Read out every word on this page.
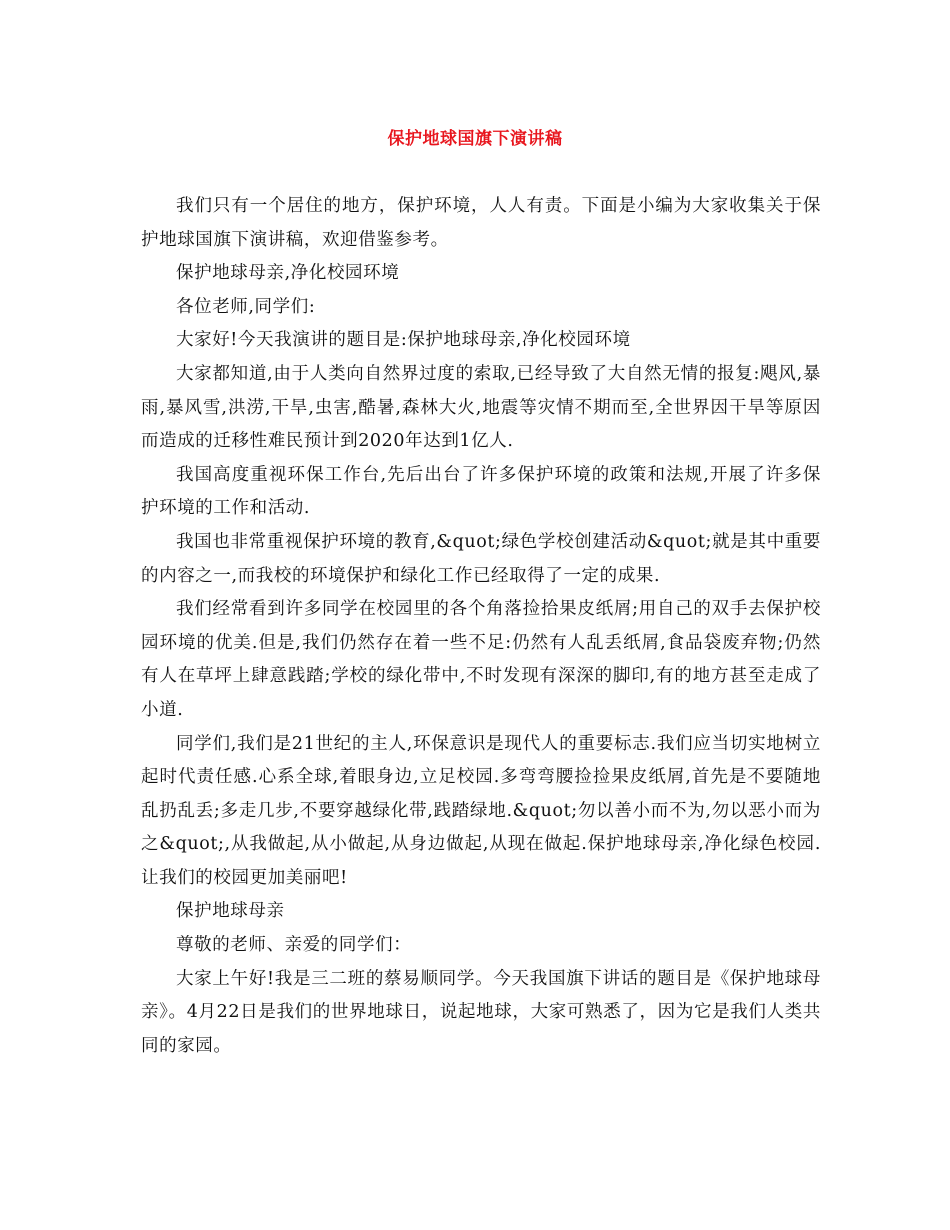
保护地球国旗下演讲稿

我们只有一个居住的地方，保护环境，人人有责。下面是小编为大家收集关于保护地球国旗下演讲稿，欢迎借鉴参考。

保护地球母亲,净化校园环境

各位老师,同学们:

大家好!今天我演讲的题目是:保护地球母亲,净化校园环境

大家都知道,由于人类向自然界过度的索取,已经导致了大自然无情的报复:飓风,暴雨,暴风雪,洪涝,干旱,虫害,酷暑,森林大火,地震等灾情不期而至,全世界因干旱等原因而造成的迁移性难民预计到2020年达到1亿人.

我国高度重视环保工作台,先后出台了许多保护环境的政策和法规,开展了许多保护环境的工作和活动.

我国也非常重视保护环境的教育,&quot;绿色学校创建活动&quot;就是其中重要的内容之一,而我校的环境保护和绿化工作已经取得了一定的成果.

我们经常看到许多同学在校园里的各个角落捡拾果皮纸屑;用自己的双手去保护校园环境的优美.但是,我们仍然存在着一些不足:仍然有人乱丢纸屑,食品袋废弃物;仍然有人在草坪上肆意践踏;学校的绿化带中,不时发现有深深的脚印,有的地方甚至走成了小道.

同学们,我们是21世纪的主人,环保意识是现代人的重要标志.我们应当切实地树立起时代责任感.心系全球,着眼身边,立足校园.多弯弯腰捡捡果皮纸屑,首先是不要随地乱扔乱丢;多走几步,不要穿越绿化带,践踏绿地.&quot;勿以善小而不为,勿以恶小而为之&quot;,从我做起,从小做起,从身边做起,从现在做起.保护地球母亲,净化绿色校园. 让我们的校园更加美丽吧!

保护地球母亲

尊敬的老师、亲爱的同学们：

大家上午好!我是三二班的蔡易顺同学。今天我国旗下讲话的题目是《保护地球母亲》。4月22日是我们的世界地球日，说起地球，大家可熟悉了，因为它是我们人类共同的家园。
